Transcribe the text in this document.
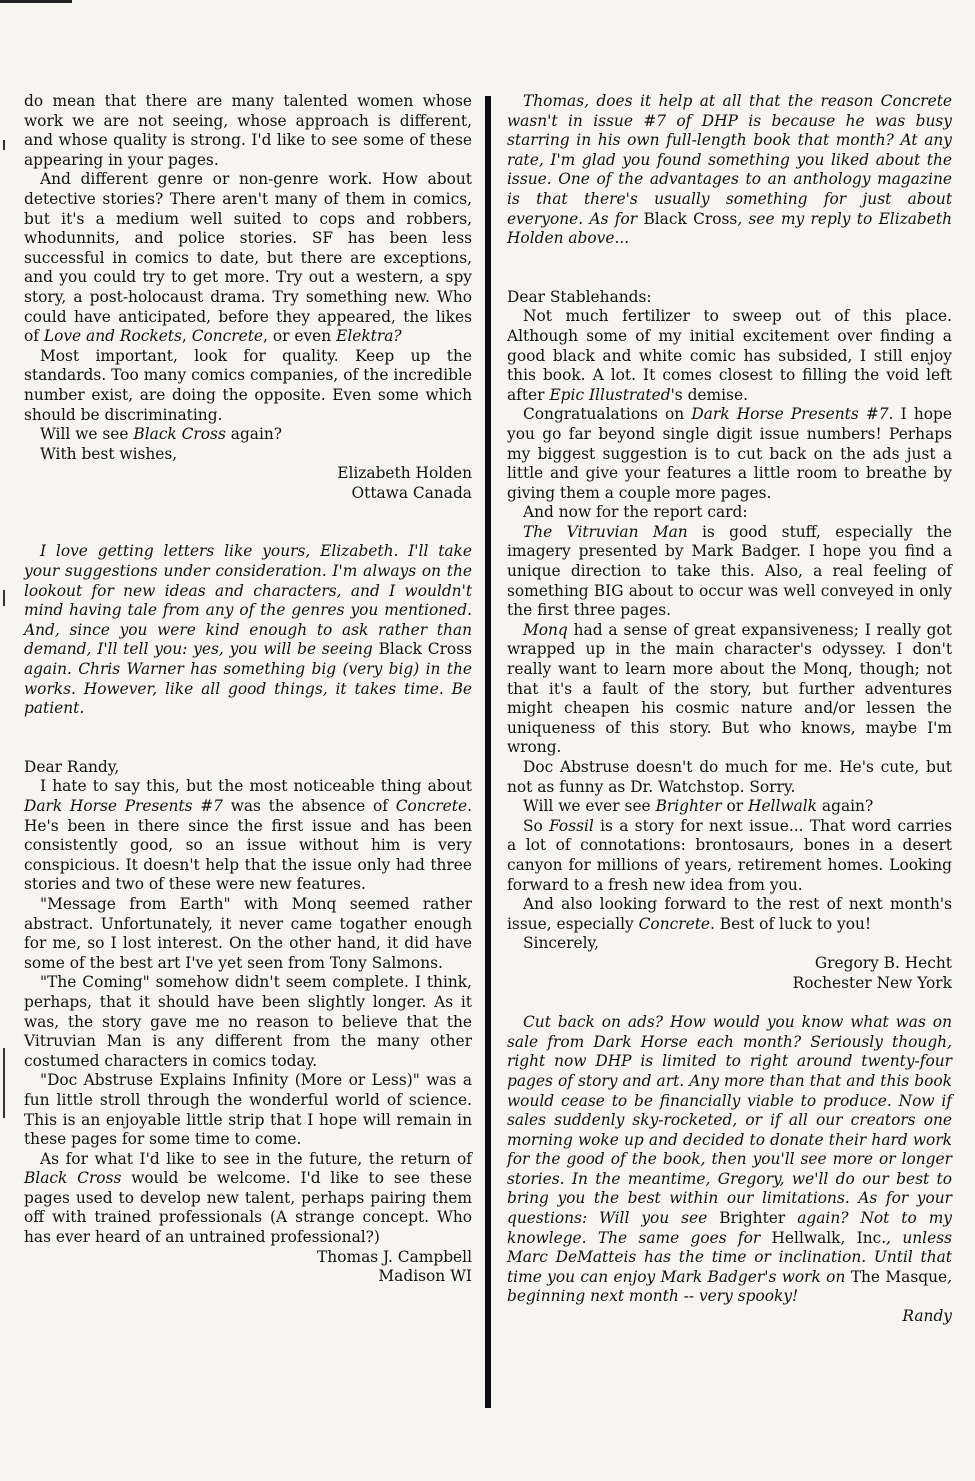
do mean that there are many talented women whose work we are not seeing, whose approach is different, and whose quality is strong. I'd like to see some of these appearing in your pages.

And different genre or non-genre work. How about detective stories? There aren't many of them in comics, but it's a medium well suited to cops and robbers, whodunnits, and police stories. SF has been less successful in comics to date, but there are exceptions, and you could try to get more. Try out a western, a spy story, a post-holocaust drama. Try something new. Who could have anticipated, before they appeared, the likes of Love and Rockets, Concrete, or even Elektra?

Most important, look for quality. Keep up the standards. Too many comics companies, of the incredible number exist, are doing the opposite. Even some which should be discriminating.

Will we see Black Cross again?

With best wishes,

Elizabeth Holden

Ottawa Canada

I love getting letters like yours, Elizabeth. I'll take your suggestions under consideration. I'm always on the lookout for new ideas and characters, and I wouldn't mind having tale from any of the genres you mentioned. And, since you were kind enough to ask rather than demand, I'll tell you: yes, you will be seeing Black Cross again. Chris Warner has something big (very big) in the works. However, like all good things, it takes time. Be patient.

Dear Randy,

I hate to say this, but the most noticeable thing about Dark Horse Presents #7 was the absence of Concrete. He's been in there since the first issue and has been consistently good, so an issue without him is very conspicious. It doesn't help that the issue only had three stories and two of these were new features.

"Message from Earth" with Monq seemed rather abstract. Unfortunately, it never came togather enough for me, so I lost interest. On the other hand, it did have some of the best art I've yet seen from Tony Salmons.

"The Coming" somehow didn't seem complete. I think, perhaps, that it should have been slightly longer. As it was, the story gave me no reason to believe that the Vitruvian Man is any different from the many other costumed characters in comics today.

"Doc Abstruse Explains Infinity (More or Less)" was a fun little stroll through the wonderful world of science. This is an enjoyable little strip that I hope will remain in these pages for some time to come.

As for what I'd like to see in the future, the return of Black Cross would be welcome. I'd like to see these pages used to develop new talent, perhaps pairing them off with trained professionals (A strange concept. Who has ever heard of an untrained professional?)

Thomas J. Campbell

Madison WI

Thomas, does it help at all that the reason Concrete wasn't in issue #7 of DHP is because he was busy starring in his own full-length book that month? At any rate, I'm glad you found something you liked about the issue. One of the advantages to an anthology magazine is that there's usually something for just about everyone. As for Black Cross, see my reply to Elizabeth Holden above...

Dear Stablehands:

Not much fertilizer to sweep out of this place. Although some of my initial excitement over finding a good black and white comic has subsided, I still enjoy this book. A lot. It comes closest to filling the void left after Epic Illustrated's demise.

Congratualations on Dark Horse Presents #7. I hope you go far beyond single digit issue numbers! Perhaps my biggest suggestion is to cut back on the ads just a little and give your features a little room to breathe by giving them a couple more pages.

And now for the report card:

The Vitruvian Man is good stuff, especially the imagery presented by Mark Badger. I hope you find a unique direction to take this. Also, a real feeling of something BIG about to occur was well conveyed in only the first three pages.

Monq had a sense of great expansiveness; I really got wrapped up in the main character's odyssey. I don't really want to learn more about the Monq, though; not that it's a fault of the story, but further adventures might cheapen his cosmic nature and/or lessen the uniqueness of this story. But who knows, maybe I'm wrong.

Doc Abstruse doesn't do much for me. He's cute, but not as funny as Dr. Watchstop. Sorry.

Will we ever see Brighter or Hellwalk again?

So Fossil is a story for next issue... That word carries a lot of connotations: brontosaurs, bones in a desert canyon for millions of years, retirement homes. Looking forward to a fresh new idea from you.

And also looking forward to the rest of next month's issue, especially Concrete. Best of luck to you!

Sincerely,

Gregory B. Hecht

Rochester New York

Cut back on ads? How would you know what was on sale from Dark Horse each month? Seriously though, right now DHP is limited to right around twenty-four pages of story and art. Any more than that and this book would cease to be financially viable to produce. Now if sales suddenly sky-rocketed, or if all our creators one morning woke up and decided to donate their hard work for the good of the book, then you'll see more or longer stories. In the meantime, Gregory, we'll do our best to bring you the best within our limitations. As for your questions: Will you see Brighter again? Not to my knowlege. The same goes for Hellwalk, Inc., unless Marc DeMatteis has the time or inclination. Until that time you can enjoy Mark Badger's work on The Masque, beginning next month -- very spooky!

Randy
